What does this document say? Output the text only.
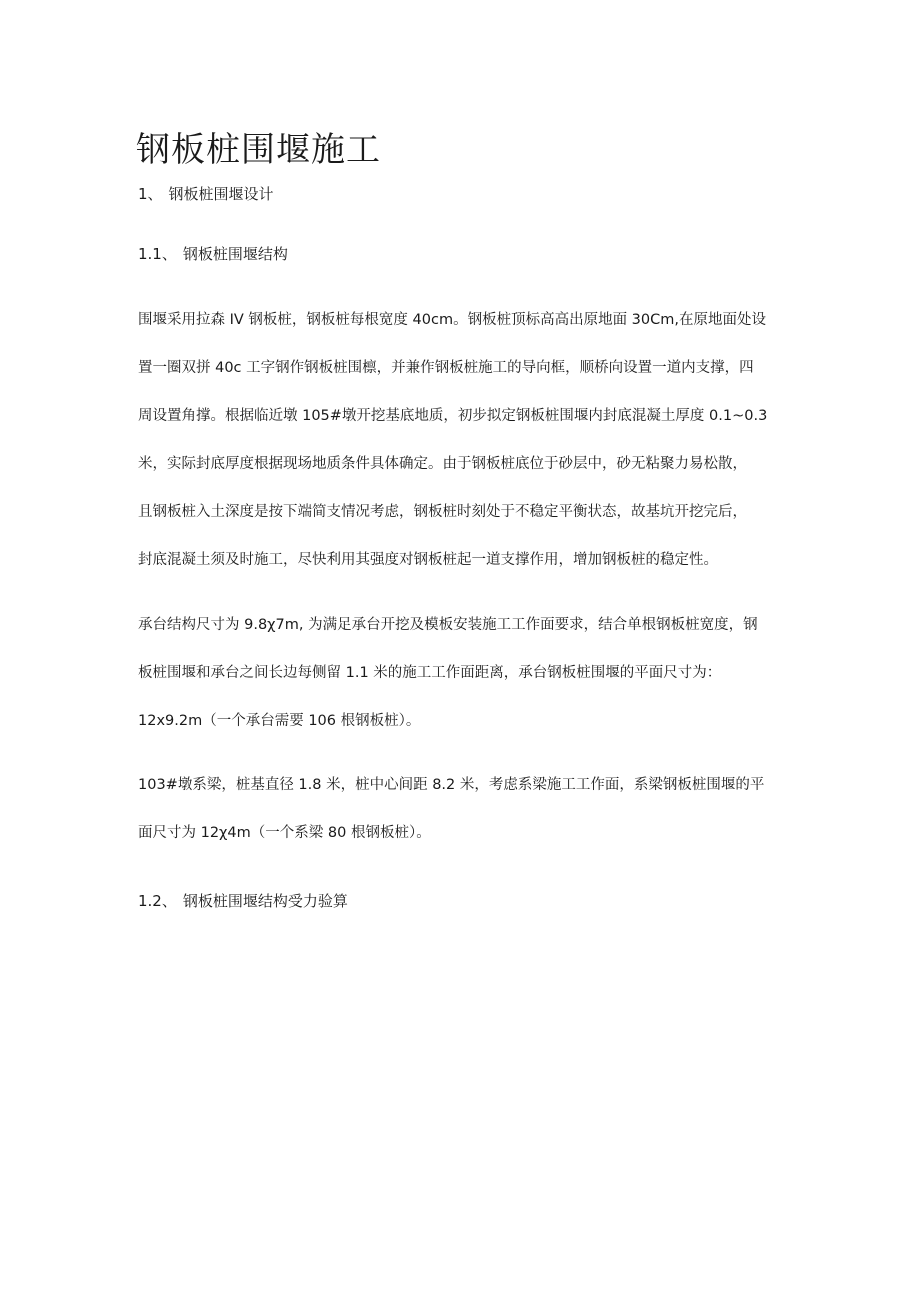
钢板桩围堰施工
1、 钢板桩围堰设计
1.1、 钢板桩围堰结构
围堰采用拉森 IV 钢板桩，钢板桩每根宽度 40cm。钢板桩顶标高高出原地面 30Cm,在原地面处设
置一圈双拼 40c 工字钢作钢板桩围檩，并兼作钢板桩施工的导向框，顺桥向设置一道内支撑，四
周设置角撑。根据临近墩 105#墩开挖基底地质，初步拟定钢板桩围堰内封底混凝土厚度 0.1~0.3
米，实际封底厚度根据现场地质条件具体确定。由于钢板桩底位于砂层中，砂无粘聚力易松散，
且钢板桩入土深度是按下端简支情况考虑，钢板桩时刻处于不稳定平衡状态，故基坑开挖完后，
封底混凝土须及时施工，尽快利用其强度对钢板桩起一道支撑作用，增加钢板桩的稳定性。
承台结构尺寸为 9.8χ7m, 为满足承台开挖及模板安装施工工作面要求，结合单根钢板桩宽度，钢
板桩围堰和承台之间长边每侧留 1.1 米的施工工作面距离，承台钢板桩围堰的平面尺寸为：
12x9.2m（一个承台需要 106 根钢板桩）。
103#墩系梁，桩基直径 1.8 米，桩中心间距 8.2 米，考虑系梁施工工作面，系梁钢板桩围堰的平
面尺寸为 12χ4m（一个系梁 80 根钢板桩）。
1.2、 钢板桩围堰结构受力验算
